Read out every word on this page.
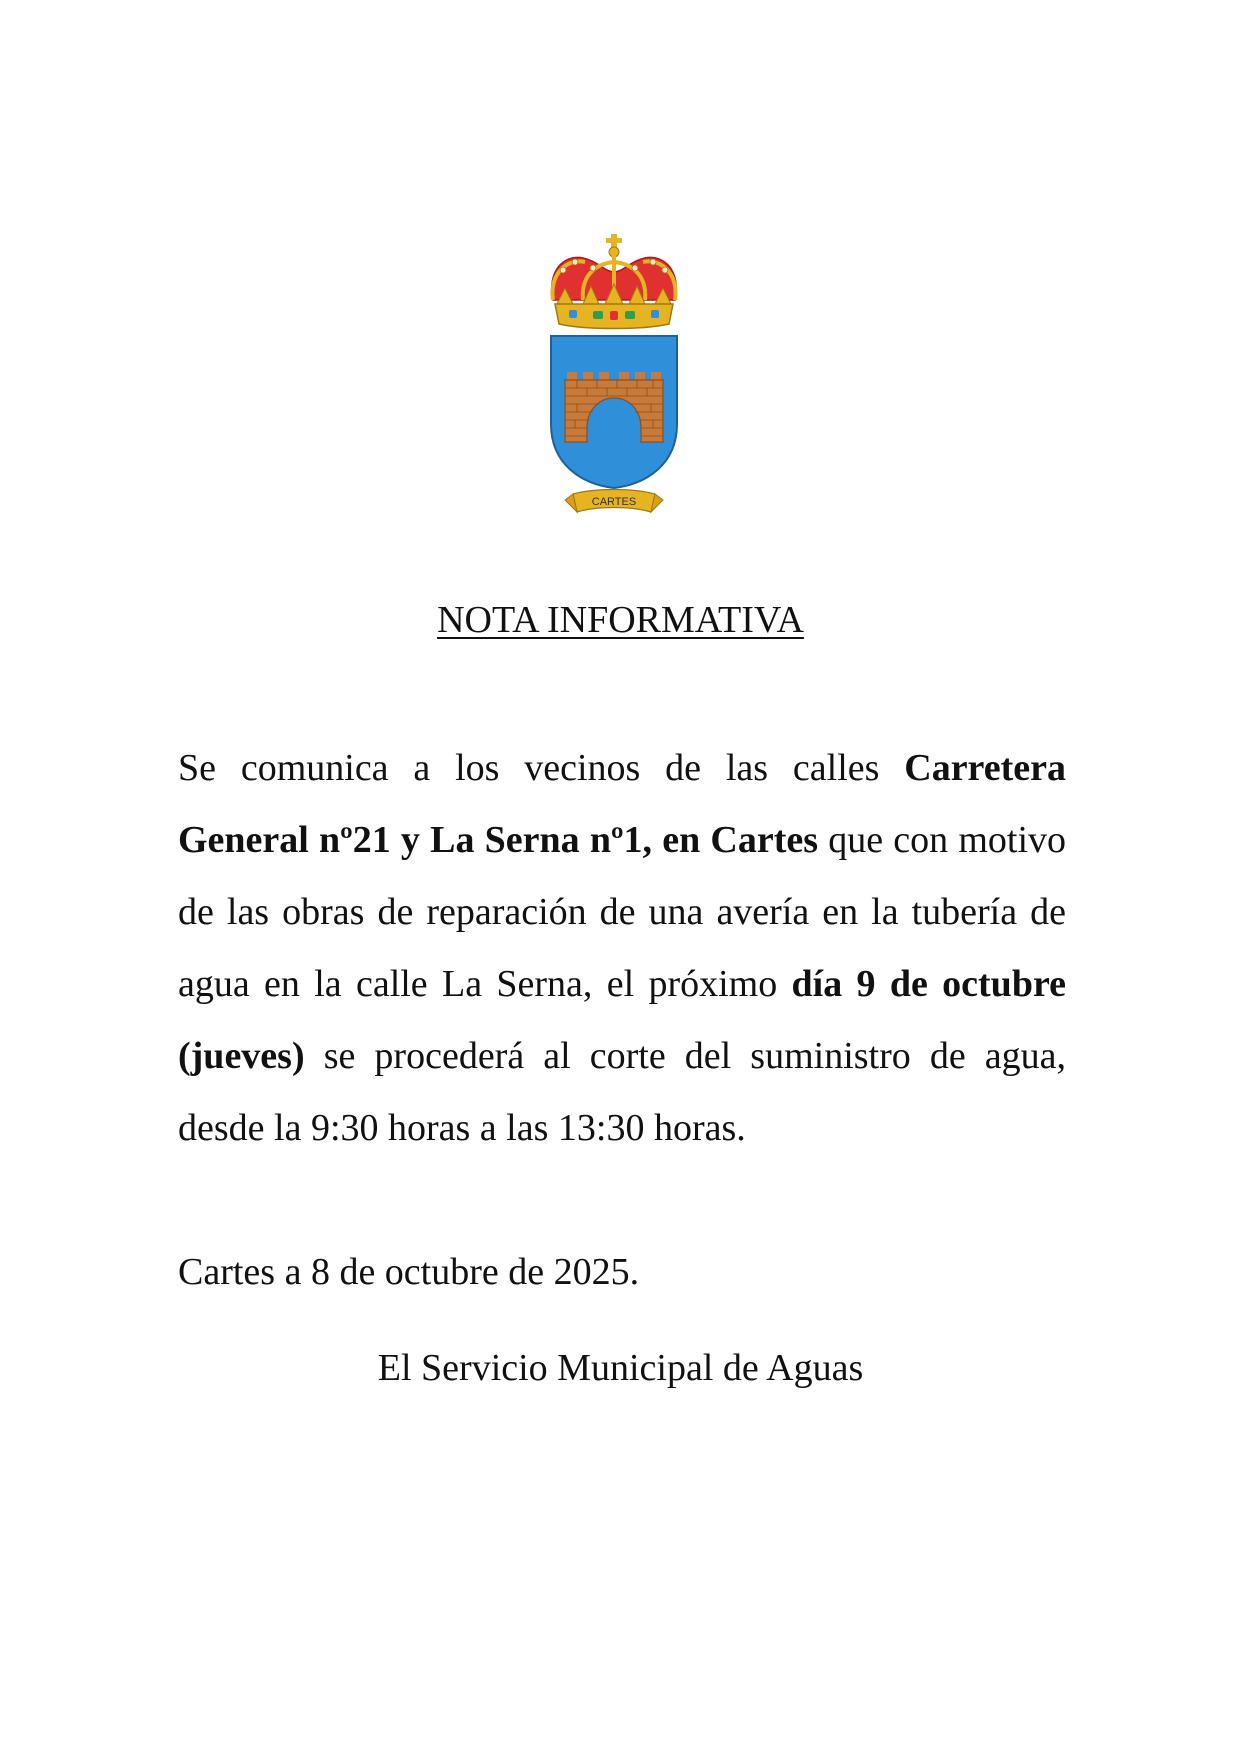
CARTES
NOTA INFORMATIVA

Se comunica a los vecinos de las calles Carretera General nº21 y La Serna nº1, en Cartes que con motivo de las obras de reparación de una avería en la tubería de agua en la calle La Serna, el próximo día 9 de octubre (jueves) se procederá al corte del suministro de agua, desde la 9:30 horas a las 13:30 horas.

Cartes a 8 de octubre de 2025.

El Servicio Municipal de Aguas
